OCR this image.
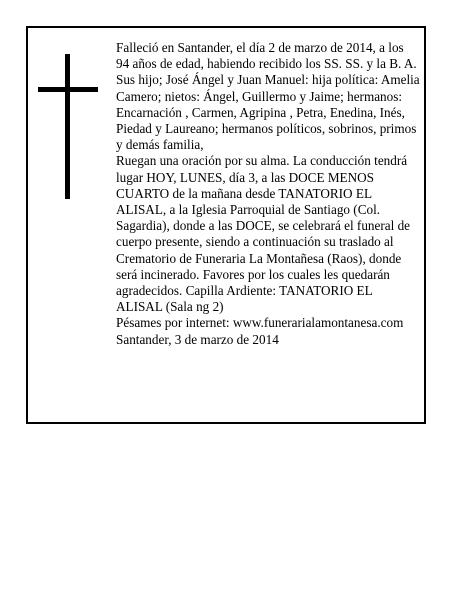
Falleció en Santander, el día 2 de marzo de 2014, a los 94 años de edad, habiendo recibido los SS. SS. y la B. A.

Sus hijo; José Ángel y Juan Manuel: hija política: Amelia Camero; nietos: Ángel, Guillermo y Jaime; hermanos: Encarnación , Carmen, Agripina , Petra, Enedina, Inés, Piedad y Laureano; hermanos políticos, sobrinos, primos y demás familia,

Ruegan una oración por su alma. La conducción tendrá lugar HOY, LUNES, día 3, a las DOCE MENOS CUARTO de la mañana desde TANATORIO EL ALISAL, a la Iglesia Parroquial de Santiago (Col. Sagardia), donde a las DOCE, se celebrará el funeral de cuerpo presente, siendo a continuación su traslado al Crematorio de Funeraria La Montañesa (Raos), donde será incinerado. Favores por los cuales les quedarán agradecidos. Capilla Ardiente: TANATORIO EL ALISAL (Sala ng 2)

Pésames por internet: www.funerarialamontanesa.com

Santander, 3 de marzo de 2014
